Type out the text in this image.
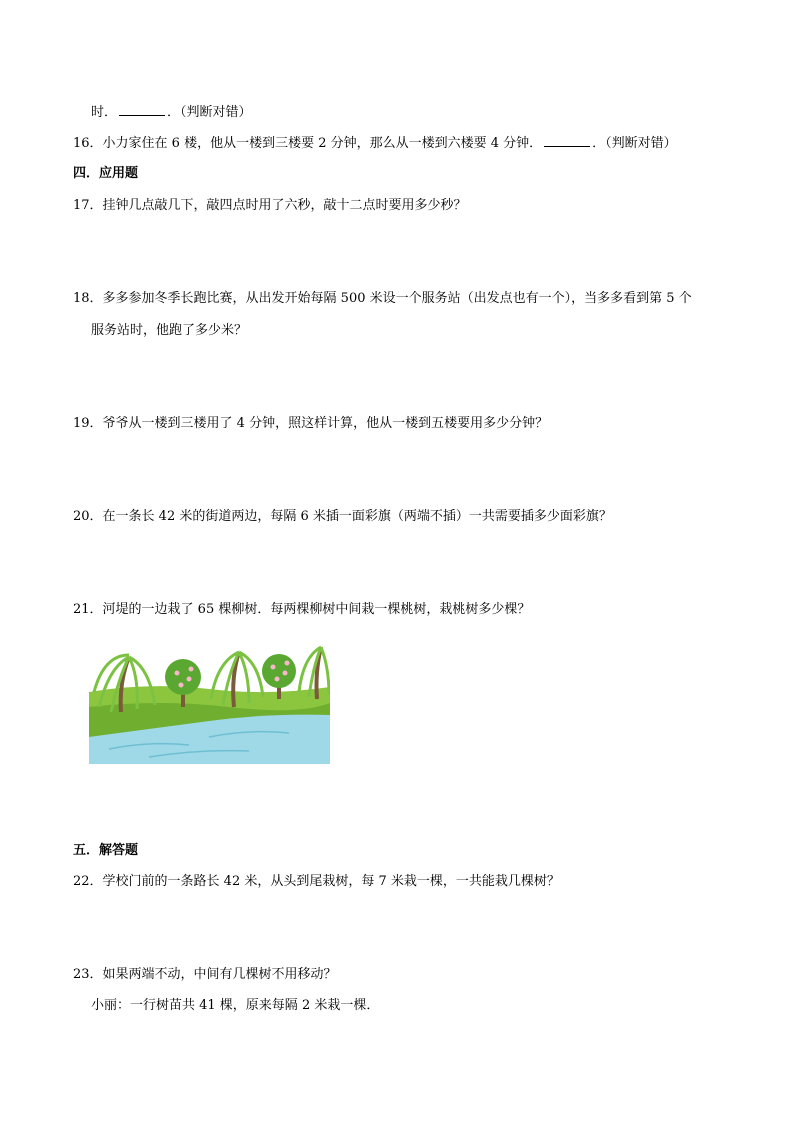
时．	．（判断对错）
16．小力家住在 6 楼，他从一楼到三楼要 2 分钟，那么从一楼到六楼要 4 分钟．	．（判断对错）
四．应用题
17．挂钟几点敲几下，敲四点时用了六秒，敲十二点时要用多少秒？
18．多多参加冬季长跑比赛，从出发开始每隔 500 米设一个服务站（出发点也有一个），当多多看到第 5 个
服务站时，他跑了多少米？
19．爷爷从一楼到三楼用了 4 分钟，照这样计算，他从一楼到五楼要用多少分钟？
20．在一条长 42 米的街道两边，每隔 6 米插一面彩旗（两端不插）一共需要插多少面彩旗？
21．河堤的一边栽了 65 棵柳树．每两棵柳树中间栽一棵桃树，栽桃树多少棵？
五．解答题
22．学校门前的一条路长 42 米，从头到尾栽树，每 7 米栽一棵，一共能栽几棵树？
23．如果两端不动，中间有几棵树不用移动？
小丽：一行树苗共 41 棵，原来每隔 2 米栽一棵．
